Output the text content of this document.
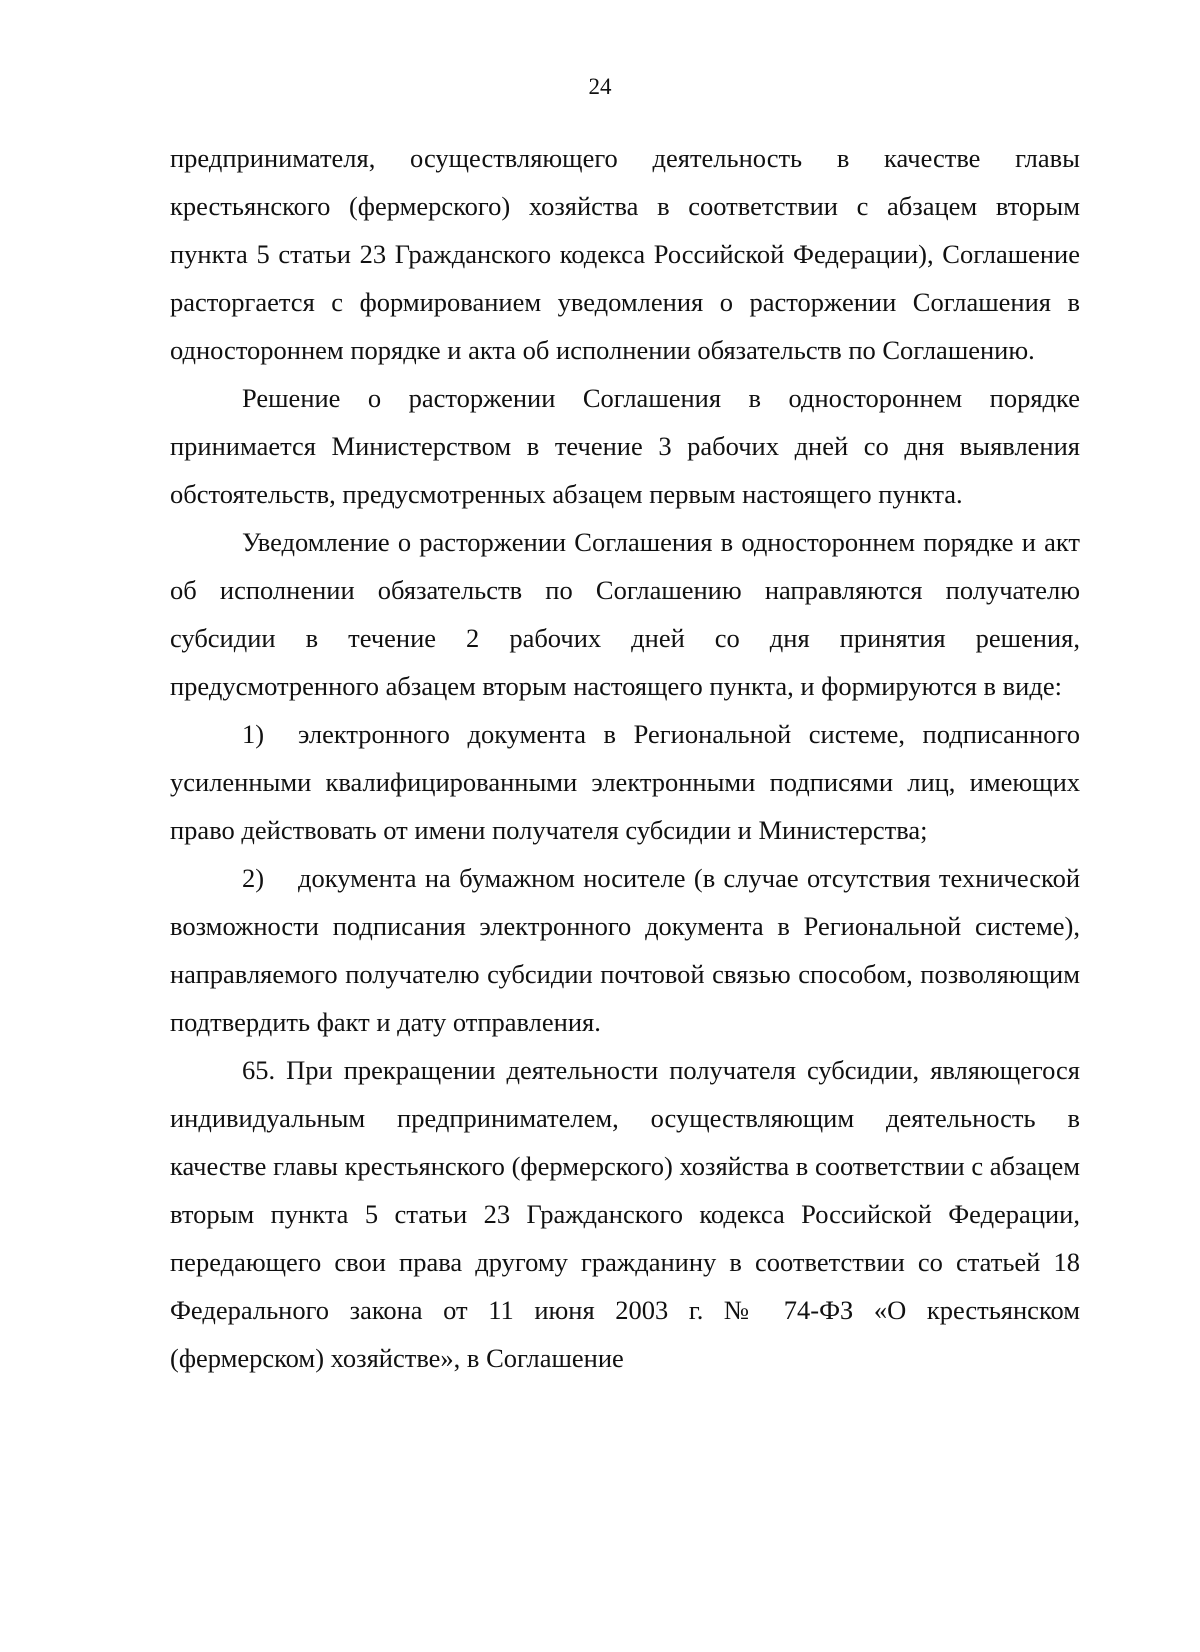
24

предпринимателя, осуществляющего деятельность в качестве главы крестьянского (фермерского) хозяйства в соответствии с абзацем вторым пункта 5 статьи 23 Гражданского кодекса Российской Федерации), Соглашение расторгается с формированием уведомления о расторжении Соглашения в одностороннем порядке и акта об исполнении обязательств по Соглашению.

Решение о расторжении Соглашения в одностороннем порядке принимается Министерством в течение 3 рабочих дней со дня выявления обстоятельств, предусмотренных абзацем первым настоящего пункта.

Уведомление о расторжении Соглашения в одностороннем порядке и акт об исполнении обязательств по Соглашению направляются получателю субсидии в течение 2 рабочих дней со дня принятия решения, предусмотренного абзацем вторым настоящего пункта, и формируются в виде:

1) электронного документа в Региональной системе, подписанного усиленными квалифицированными электронными подписями лиц, имеющих право действовать от имени получателя субсидии и Министерства;

2) документа на бумажном носителе (в случае отсутствия технической возможности подписания электронного документа в Региональной системе), направляемого получателю субсидии почтовой связью способом, позволяющим подтвердить факт и дату отправления.

65. При прекращении деятельности получателя субсидии, являющегося индивидуальным предпринимателем, осуществляющим деятельность в качестве главы крестьянского (фермерского) хозяйства в соответствии с абзацем вторым пункта 5 статьи 23 Гражданского кодекса Российской Федерации, передающего свои права другому гражданину в соответствии со статьей 18 Федерального закона от 11 июня 2003 г. № 74-ФЗ «О крестьянском (фермерском) хозяйстве», в Соглашение
